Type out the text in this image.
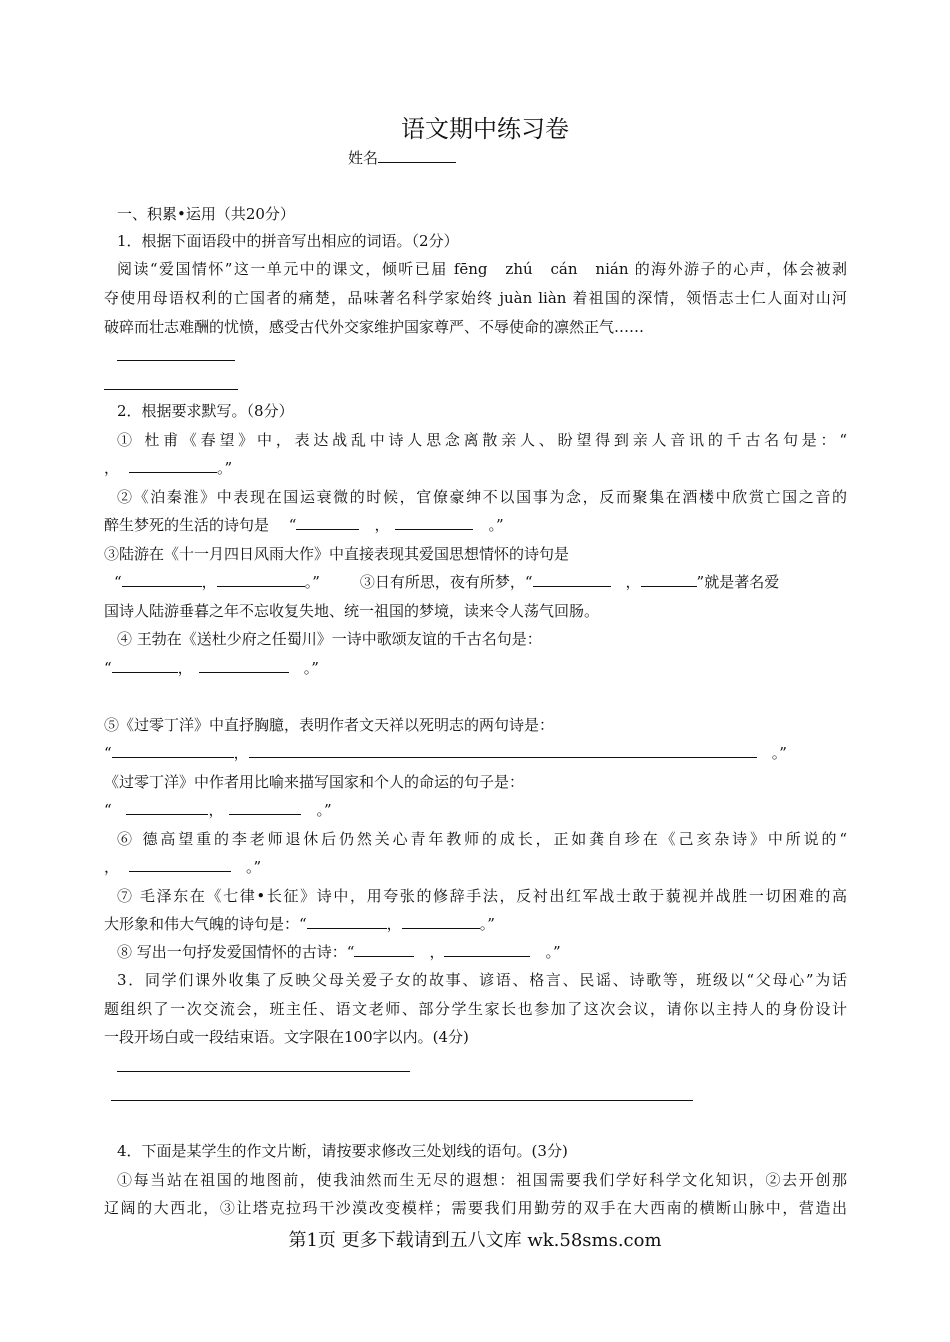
语文期中练习卷
姓名
一、积累•运用（共20分）
1．根据下面语段中的拼音写出相应的词语。（2分）
阅读“爱国情怀”这一单元中的课文，倾听已届 fēng　zhú　cán　nián 的海外游子的心声，体会被剥
夺使用母语权利的亡国者的痛楚，品味著名科学家始终 juàn liàn 着祖国的深情，领悟志士仁人面对山河
破碎而壮志难酬的忧愤，感受古代外交家维护国家尊严、不辱使命的凛然正气……
2．根据要求默写。（8分）
① 杜甫《春望》中，表达战乱中诗人思念离散亲人、盼望得到亲人音讯的千古名句是：“
，	。”
②《泊秦淮》中表现在国运衰微的时候，官僚豪绅不以国事为念，反而聚集在酒楼中欣赏亡国之音的
醉生梦死的生活的诗句是　 “	　，	　。”
③陆游在《十一月四日风雨大作》中直接表现其爱国思想情怀的诗句是
“	，	。”	③日有所思，夜有所梦，“	　，	”就是著名爱
国诗人陆游垂暮之年不忘收复失地、统一祖国的梦境，读来令人荡气回肠。
④ 王勃在《送杜少府之任蜀川》一诗中歌颂友谊的千古名句是：
“	，	　。”
⑤《过零丁洋》中直抒胸臆，表明作者文天祥以死明志的两句诗是：
“	，	　。”
《过零丁洋》中作者用比喻来描写国家和个人的命运的句子是：
“	，	　。”
⑥ 德高望重的李老师退休后仍然关心青年教师的成长，正如龚自珍在《己亥杂诗》中所说的“
，	　。”
⑦ 毛泽东在《七律•长征》诗中，用夸张的修辞手法，反衬出红军战士敢于藐视并战胜一切困难的高
大形象和伟大气魄的诗句是：“	，	。”
⑧ 写出一句抒发爱国情怀的古诗：“	　，	　。”
3．同学们课外收集了反映父母关爱子女的故事、谚语、格言、民谣、诗歌等，班级以“父母心”为话
题组织了一次交流会，班主任、语文老师、部分学生家长也参加了这次会议，请你以主持人的身份设计
一段开场白或一段结束语。文字限在100字以内。(4分)
4．下面是某学生的作文片断，请按要求修改三处划线的语句。(3分)
①每当站在祖国的地图前，使我油然而生无尽的遐想：祖国需要我们学好科学文化知识，②去开创那
辽阔的大西北，③让塔克拉玛干沙漠改变模样；需要我们用勤劳的双手在大西南的横断山脉中，营造出
第1页 更多下载请到五八文库 wk.58sms.com
